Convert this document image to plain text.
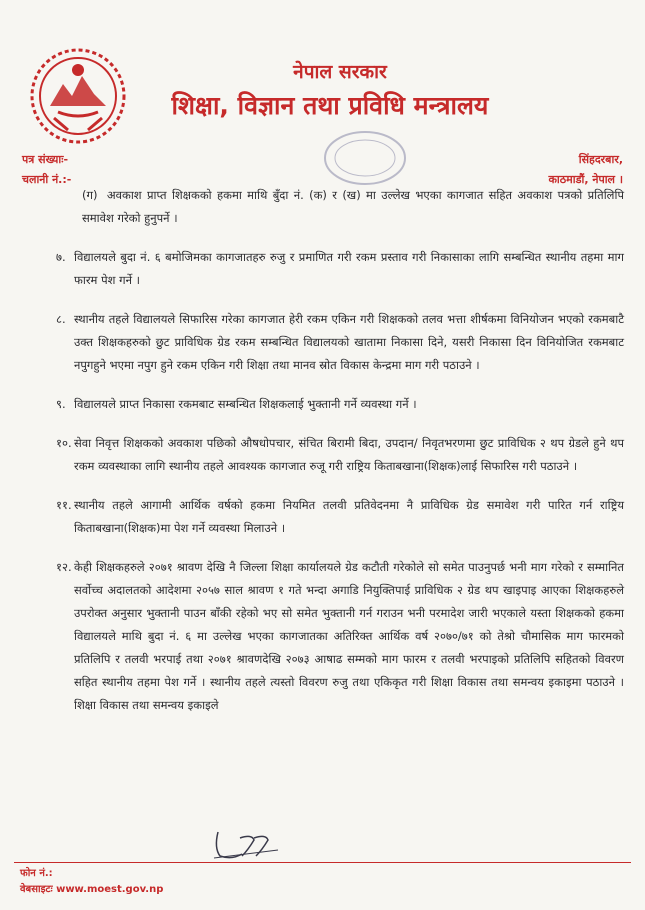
नेपाल सरकार
शिक्षा, विज्ञान तथा प्रविधि मन्त्रालय
पत्र संख्याः-
चलानी नं.:-
सिंहदरबार,
काठमाडौं, नेपाल ।
(ग) अवकाश प्राप्त शिक्षकको हकमा माथि बुँदा नं. (क) र (ख) मा उल्लेख भएका कागजात सहित अवकाश पत्रको प्रतिलिपि समावेश गरेको हुनुपर्ने ।
७. विद्यालयले बुदा नं. ६ बमोजिमका कागजातहरु रुजु र प्रमाणित गरी रकम प्रस्ताव गरी निकासाका लागि सम्बन्धित स्थानीय तहमा माग फारम पेश गर्ने ।
८. स्थानीय तहले विद्यालयले सिफारिस गरेका कागजात हेरी रकम एकिन गरी शिक्षकको तलव भत्ता शीर्षकमा विनियोजन भएको रकमबाटै उक्त शिक्षकहरुको छुट प्राविधिक ग्रेड रकम सम्बन्धित विद्यालयको खातामा निकासा दिने, यसरी निकासा दिन विनियोजित रकमबाट नपुगहुने भएमा नपुग हुने रकम एकिन गरी शिक्षा तथा मानव स्रोत विकास केन्द्रमा माग गरी पठाउने ।
९. विद्यालयले प्राप्त निकासा रकमबाट सम्बन्धित शिक्षकलाई भुक्तानी गर्ने व्यवस्था गर्ने ।
१०. सेवा निवृत्त शिक्षकको अवकाश पछिको औषधोपचार, संचित बिरामी बिदा, उपदान/ निवृतभरणमा छुट प्राविधिक २ थप ग्रेडले हुने थप रकम व्यवस्थाका लागि स्थानीय तहले आवश्यक कागजात रुजू गरी राष्ट्रिय किताबखाना(शिक्षक)लाई सिफारिस गरी पठाउने ।
११. स्थानीय तहले आगामी आर्थिक वर्षको हकमा नियमित तलवी प्रतिवेदनमा नै प्राविधिक ग्रेड समावेश गरी पारित गर्न राष्ट्रिय किताबखाना(शिक्षक)मा पेश गर्ने व्यवस्था मिलाउने ।
१२. केही शिक्षकहरुले २०७१ श्रावण देखि नै जिल्ला शिक्षा कार्यालयले ग्रेड कटौती गरेकोले सो समेत पाउनुपर्छ भनी माग गरेको र सम्मानित सर्वोच्च अदालतको आदेशमा २०५७ साल श्रावण १ गते भन्दा अगाडि नियुक्तिपाई प्राविधिक २ ग्रेड थप खाइपाइ आएका शिक्षकहरुले उपरोक्त अनुसार भुक्तानी पाउन बाँकी रहेको भए सो समेत भुक्तानी गर्न गराउन भनी परमादेश जारी भएकाले यस्ता शिक्षकको हकमा विद्यालयले माथि बुदा नं. ६ मा उल्लेख भएका कागजातका अतिरिक्त आर्थिक वर्ष २०७०/७१ को तेश्रो चौमासिक माग फारमको प्रतिलिपि र तलवी भरपाई तथा २०७१ श्रावणदेखि २०७३ आषाढ सम्मको माग फारम र तलवी भरपाइको प्रतिलिपि सहितको विवरण सहित स्थानीय तहमा पेश गर्ने । स्थानीय तहले त्यस्तो विवरण रुजु तथा एकिकृत गरी शिक्षा विकास तथा समन्वय इकाइमा पठाउने । शिक्षा विकास तथा समन्वय इकाइले
फोन नं.:
वेबसाइटः www.moest.gov.np
